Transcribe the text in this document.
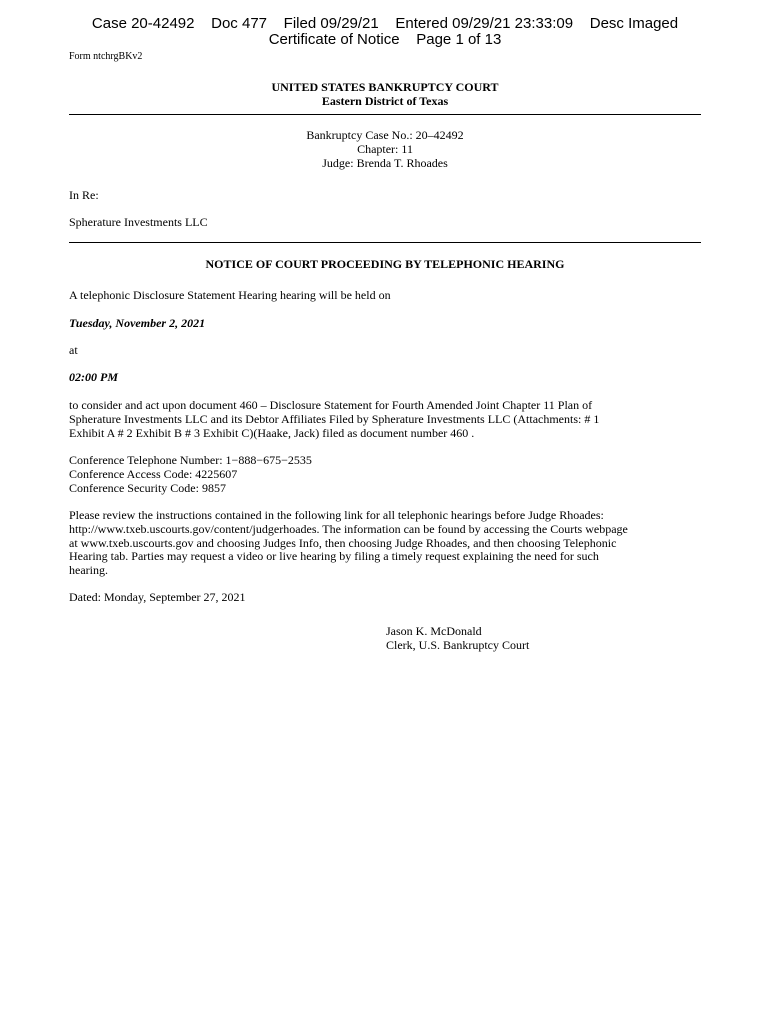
Case 20-42492    Doc 477    Filed 09/29/21    Entered 09/29/21 23:33:09    Desc Imaged
Certificate of Notice    Page 1 of 13
Form ntchrgBKv2
UNITED STATES BANKRUPTCY COURT
Eastern District of Texas
Bankruptcy Case No.: 20–42492
Chapter: 11
Judge: Brenda T. Rhoades
In Re:
Spherature Investments LLC
NOTICE OF COURT PROCEEDING BY TELEPHONIC HEARING
A telephonic Disclosure Statement Hearing hearing will be held on
Tuesday, November 2, 2021
at
02:00 PM
to consider and act upon document 460 – Disclosure Statement for Fourth Amended Joint Chapter 11 Plan of
Spherature Investments LLC and its Debtor Affiliates Filed by Spherature Investments LLC (Attachments: # 1
Exhibit A # 2 Exhibit B # 3 Exhibit C)(Haake, Jack) filed as document number 460 .
Conference Telephone Number: 1−888−675−2535
Conference Access Code: 4225607
Conference Security Code: 9857
Please review the instructions contained in the following link for all telephonic hearings before Judge Rhoades:
http://www.txeb.uscourts.gov/content/judgerhoades. The information can be found by accessing the Courts webpage
at www.txeb.uscourts.gov and choosing Judges Info, then choosing Judge Rhoades, and then choosing Telephonic
Hearing tab. Parties may request a video or live hearing by filing a timely request explaining the need for such
hearing.
Dated: Monday, September 27, 2021
Jason K. McDonald
Clerk, U.S. Bankruptcy Court
